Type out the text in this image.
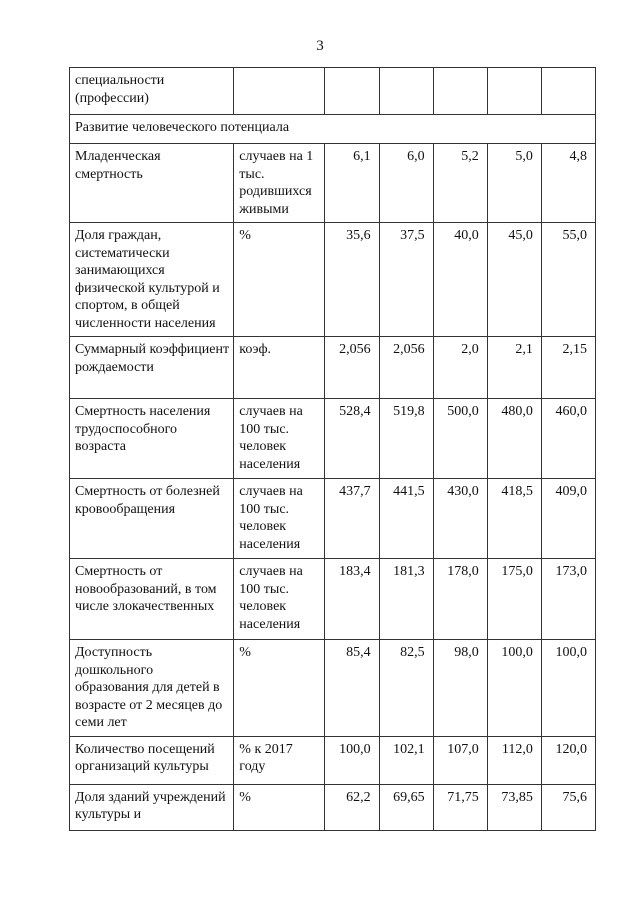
3
специальности
(профессии)						
Развитие человеческого потенциала						
Младенческая смертность	случаев на 1 тыс. родившихся живыми	6,1	6,0	5,2	5,0	4,8
Доля граждан, систематически занимающихся физической культурой и спортом, в общей численности населения	%	35,6	37,5	40,0	45,0	55,0
Суммарный коэффициент рождаемости	коэф.	2,056	2,056	2,0	2,1	2,15
Смертность населения трудоспособного возраста	случаев на 100 тыс. человек населения	528,4	519,8	500,0	480,0	460,0
Смертность от болезней кровообращения	случаев на 100 тыс. человек населения	437,7	441,5	430,0	418,5	409,0
Смертность от новообразований, в том числе злокачественных	случаев на 100 тыс. человек населения	183,4	181,3	178,0	175,0	173,0
Доступность дошкольного образования для детей в возрасте от 2 месяцев до семи лет	%	85,4	82,5	98,0	100,0	100,0
Количество посещений организаций культуры	% к 2017 году	100,0	102,1	107,0	112,0	120,0
Доля зданий учреждений культуры и	%	62,2	69,65	71,75	73,85	75,6
